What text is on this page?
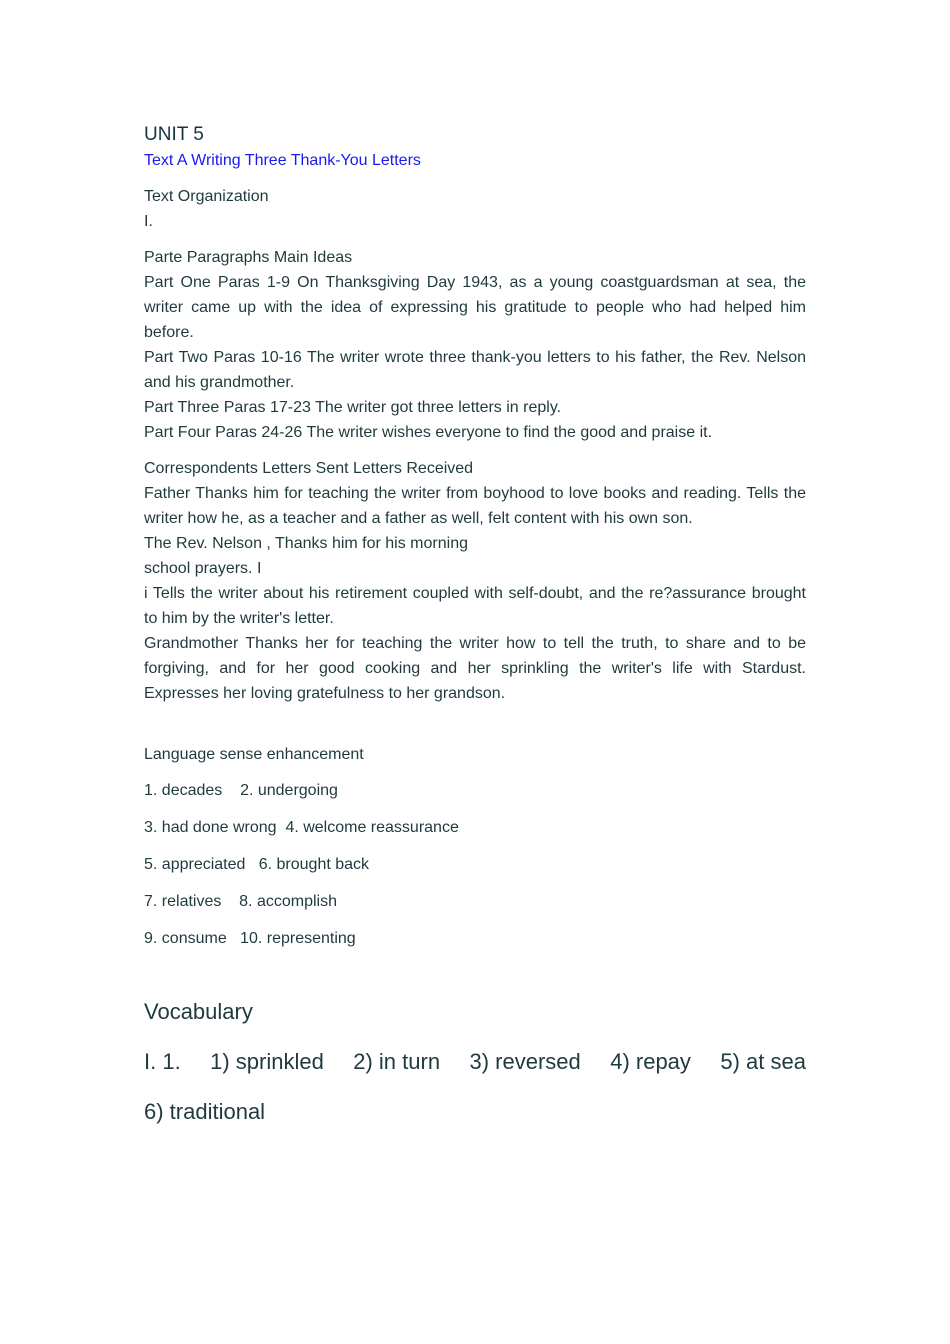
UNIT 5
Text A Writing Three Thank-You Letters

Text Organization

I.

Parte Paragraphs Main Ideas

Part One Paras 1-9 On Thanksgiving Day 1943, as a young coastguardsman at sea, the writer came up with the idea of expressing his gratitude to people who had helped him before.

Part Two Paras 10-16 The writer wrote three thank-you letters to his father, the Rev. Nelson and his grandmother.

Part Three Paras 17-23 The writer got three letters in reply.

Part Four Paras 24-26 The writer wishes everyone to find the good and praise it.

Correspondents Letters Sent Letters Received

Father Thanks him for teaching the writer from boyhood to love books and reading. Tells the writer how he, as a teacher and a father as well, felt content with his own son.

The Rev. Nelson , Thanks him for his morning

school prayers. I

i Tells the writer about his retirement coupled with self-doubt, and the re?assurance brought to him by the writer's letter.

Grandmother Thanks her for teaching the writer how to tell the truth, to share and to be forgiving, and for her good cooking and her sprinkling the writer's life with Stardust. Expresses her loving gratefulness to her grandson.

Language sense enhancement

1. decades    2. undergoing

3. had done wrong  4. welcome reassurance

5. appreciated   6. brought back

7. relatives    8. accomplish

9. consume   10. representing

Vocabulary
I. 1. 1) sprinkled 2) in turn 3) reversed 4) repay 5) at sea
6) traditional
